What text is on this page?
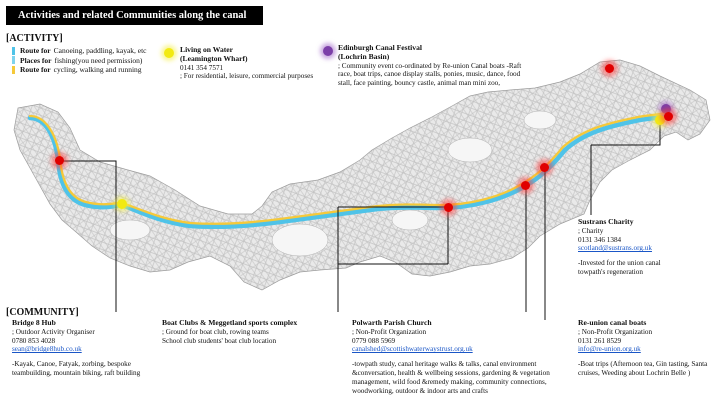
Activities and related Communities along the canal
[ACTIVITY]
Route for Canoeing, paddling, kayak, etc
Places for fishing(you need permission)
Route for cycling, walking and running
Living on Water
(Leamington Wharf)
0141 354 7571
; For residential, leisure, commercial purposes
Edinburgh Canal Festival
(Lochrin Basin)
; Community event co-ordinated by Re-union Canal boats -Raft race, boat trips, canoe display stalls, ponies, music, dance, food stall, face painting, bouncy castle, animal man mini zoo,
Sustrans Charity
; Charity
0131 346 1384
scotland@sustrans.org.uk
-Invested for the union canal towpath's regeneration
[COMMUNITY]
Bridge 8 Hub
; Outdoor Activity Organiser
0780 853 4028
sean@bridge8hub.co.uk
-Kayak, Canoe, Fatyak, zorbing, bespoke teambuilding, mountain biking, raft building
Boat Clubs & Meggetland sports complex
; Ground for boat club, rowing teams
School club students' boat club location
Polwarth Parish Church
; Non-Profit Organization
0779 088 5969
canalshed@scottishwaterwaystrust.org.uk
-towpath study, canal heritage walks & talks, canal environment &conversation, health & wellbeing sessions, gardening & vegetation management, wild food &remedy making, community connections, woodworking, outdoor & indoor arts and crafts
Re-union canal boats
; Non-Profit Organization
0131 261 8529
info@re-union.org.uk
-Boat trips (Afternoon tea, Gin tasting, Santa cruises, Weeding about Lochrin Belle )
